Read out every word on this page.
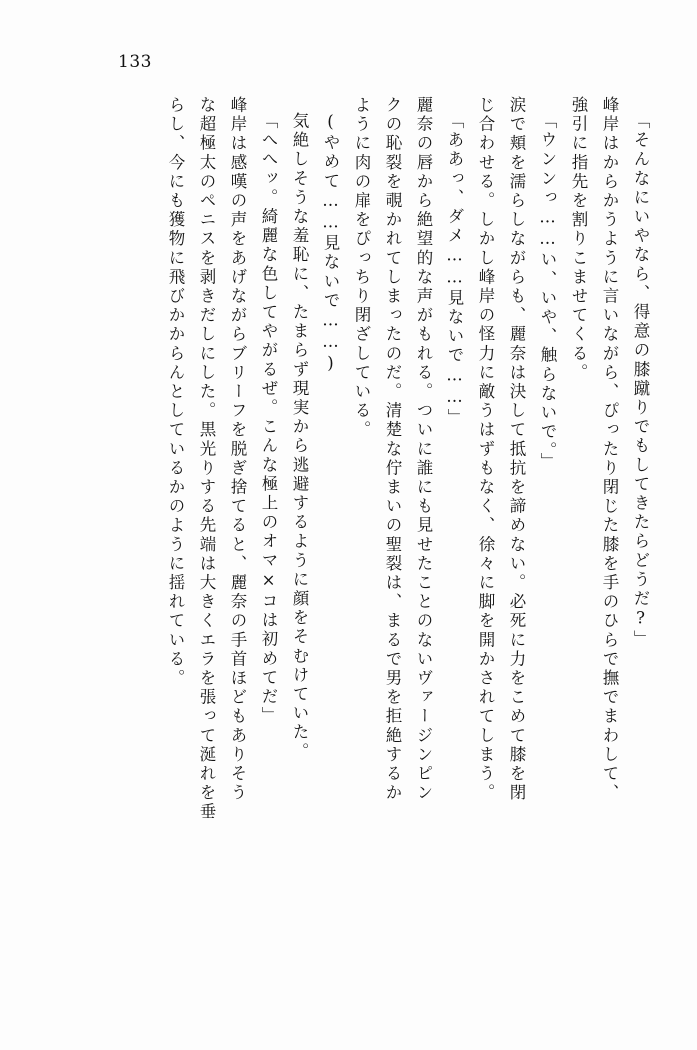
133
「そんなにいやなら、得意の膝蹴りでもしてきたらどうだ?」
峰岸はからかうように言いながら、ぴったり閉じた膝を手のひらで撫でまわして、
強引に指先を割りこませてくる。
「ウンンっ……い、いや、触らないで。」
涙で頬を濡らしながらも、麗奈は決して抵抗を諦めない。必死に力をこめて膝を閉
じ合わせる。しかし峰岸の怪力に敵うはずもなく、徐々に脚を開かされてしまう。
「ああっ、ダメ……見ないで……」
麗奈の唇から絶望的な声がもれる。ついに誰にも見せたことのないヴァージンピン
クの恥裂を覗かれてしまったのだ。清楚な佇まいの聖裂は、まるで男を拒絶するか
ように肉の扉をぴっちり閉ざしている。
(やめて……見ないで……)
気絶しそうな羞恥に、たまらず現実から逃避するように顔をそむけていた。
「へへッ。綺麗な色してやがるぜ。こんな極上のオマ×コは初めてだ」
峰岸は感嘆の声をあげながらブリーフを脱ぎ捨てると、麗奈の手首ほどもありそう
な超極太のペニスを剥きだしにした。黒光りする先端は大きくエラを張って涎れを垂
らし、今にも獲物に飛びかからんとしているかのように揺れている。
